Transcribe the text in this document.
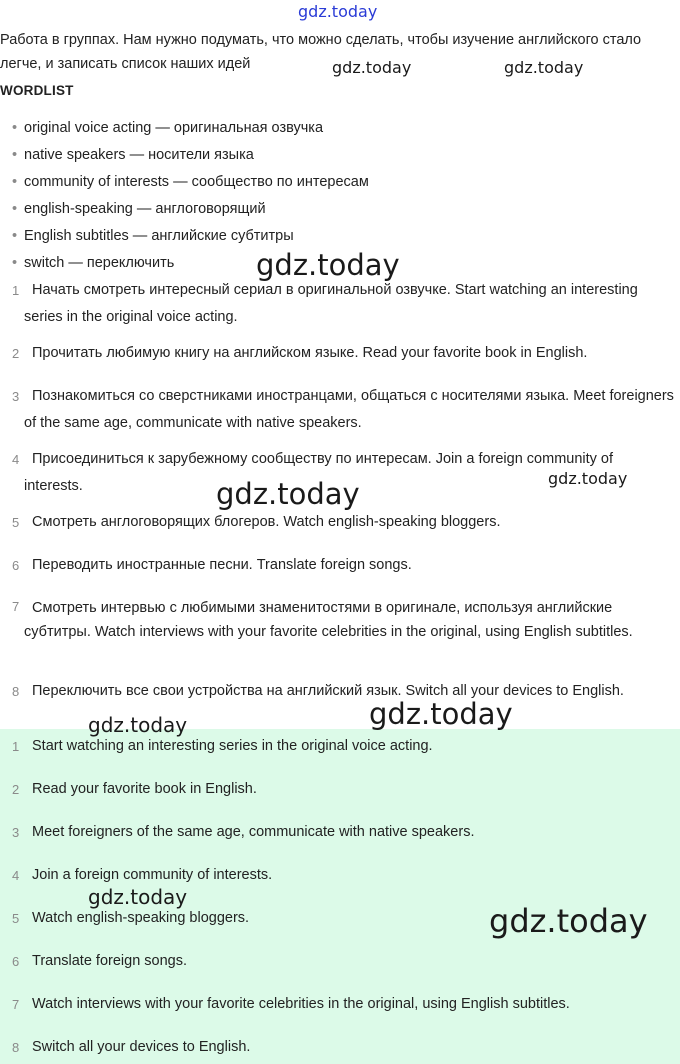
gdz.today
Работа в группах. Нам нужно подумать, что можно сделать, чтобы изучение английского стало легче, и записать список наших идей
WORDLIST
• original voice acting — оригинальная озвучка
• native speakers — носители языка
• community of interests — сообщество по интересам
• english-speaking — англоговорящий
• English subtitles — английские субтитры
• switch — переключить
1 Начать смотреть интересный сериал в оригинальной озвучке. Start watching an interesting series in the original voice acting.
2 Прочитать любимую книгу на английском языке. Read your favorite book in English.
3 Познакомиться со сверстниками иностранцами, общаться с носителями языка. Meet foreigners of the same age, communicate with native speakers.
4 Присоединиться к зарубежному сообществу по интересам. Join a foreign community of interests.
5 Смотреть англоговорящих блогеров. Watch english-speaking bloggers.
6 Переводить иностранные песни. Translate foreign songs.
7 Смотреть интервью с любимыми знаменитостями в оригинале, используя английские субтитры. Watch interviews with your favorite celebrities in the original, using English subtitles.
8 Переключить все свои устройства на английский язык. Switch all your devices to English.
1 Start watching an interesting series in the original voice acting.
2 Read your favorite book in English.
3 Meet foreigners of the same age, communicate with native speakers.
4 Join a foreign community of interests.
5 Watch english-speaking bloggers.
6 Translate foreign songs.
7 Watch interviews with your favorite celebrities in the original, using English subtitles.
8 Switch all your devices to English.
gdz.today	gdz.today
gdz.today
gdz.today	gdz.today
gdz.today	gdz.today
gdz.today
gdz.today
